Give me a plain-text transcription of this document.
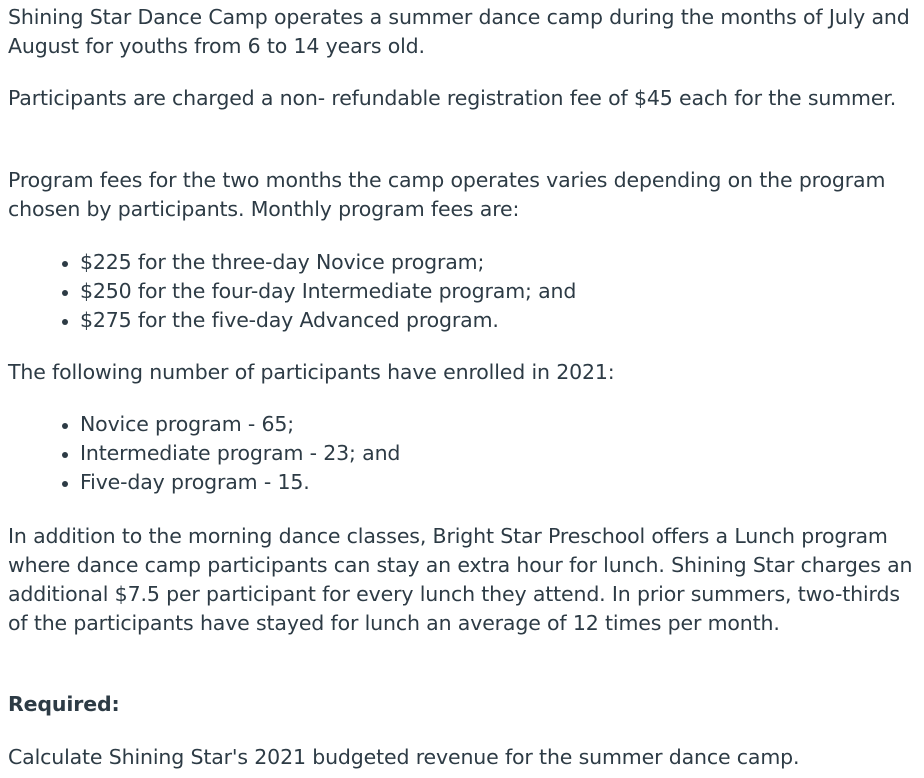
Shining Star Dance Camp operates a summer dance camp during the months of July and August for youths from 6 to 14 years old.

Participants are charged a non- refundable registration fee of $45 each for the summer.

Program fees for the two months the camp operates varies depending on the program chosen by participants. Monthly program fees are:

$225 for the three-day Novice program;
$250 for the four-day Intermediate program; and
$275 for the five-day Advanced program.

The following number of participants have enrolled in 2021:

Novice program - 65;
Intermediate program - 23; and
Five-day program - 15.

In addition to the morning dance classes, Bright Star Preschool offers a Lunch program where dance camp participants can stay an extra hour for lunch. Shining Star charges an additional $7.5 per participant for every lunch they attend. In prior summers, two-thirds of the participants have stayed for lunch an average of 12 times per month.

Required:

Calculate Shining Star's 2021 budgeted revenue for the summer dance camp.
